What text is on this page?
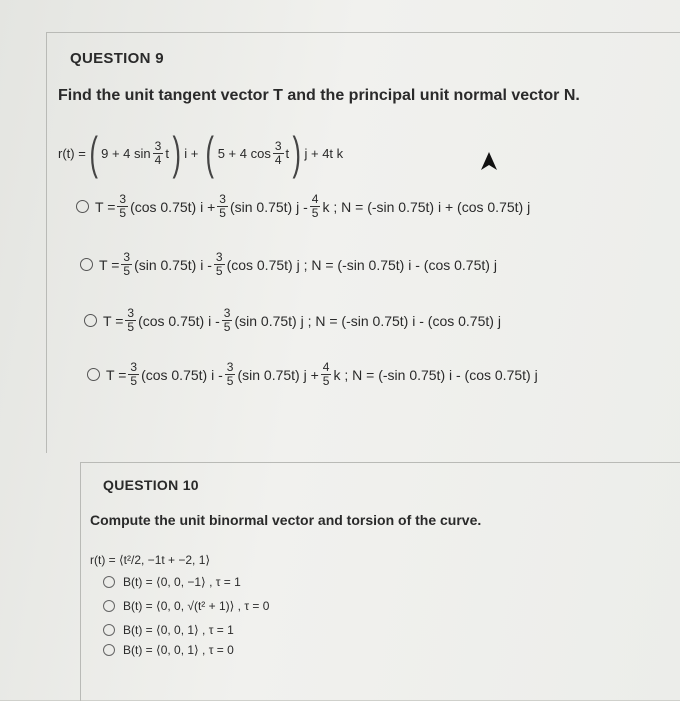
QUESTION 9
Find the unit tangent vector T and the principal unit normal vector N.
r(t) = ( 9 + 4 $\sin \frac{3}{4}$ t ) i + ( 5 + 4 $\cos \frac{3}{4}$ t ) j + 4t k
$T = \frac{3}{5} (\cos$ 0.75t) $i + \frac{3}{5} (\sin$ 0.75t) j - $\frac{4}{5}$ k ; N = (-sin 0.75t) i + (cos 0.75t) j
$T = \frac{3}{5} (\sin$ 0.75t) i - $\frac{3}{5} (\cos$ 0.75t) j ; N = (-sin 0.75t) i - (cos 0.75t) j
$T = \frac{3}{5} (\cos$ 0.75t) i - $\frac{3}{5} (\sin$ 0.75t) j ; N = (-sin 0.75t) i - (cos 0.75t) j
$T = \frac{3}{5} (\cos$ 0.75t) i - $\frac{3}{5} (\sin$ 0.75t) $j + \frac{4}{5}$ k ; N = (-sin 0.75t) i - (cos 0.75t) j
QUESTION 10
Compute the unit binormal vector and torsion of the curve.
r(t) = ⟨t²/2, −1t + −2, 1⟩
B(t) = ⟨0, 0, −1⟩ , τ = 1
B(t) = ⟨0, 0, √(t² + 1)⟩ , τ = 0
B(t) = ⟨0, 0, 1⟩ , τ = 1
B(t) = ⟨0, 0, 1⟩ , τ = 0
